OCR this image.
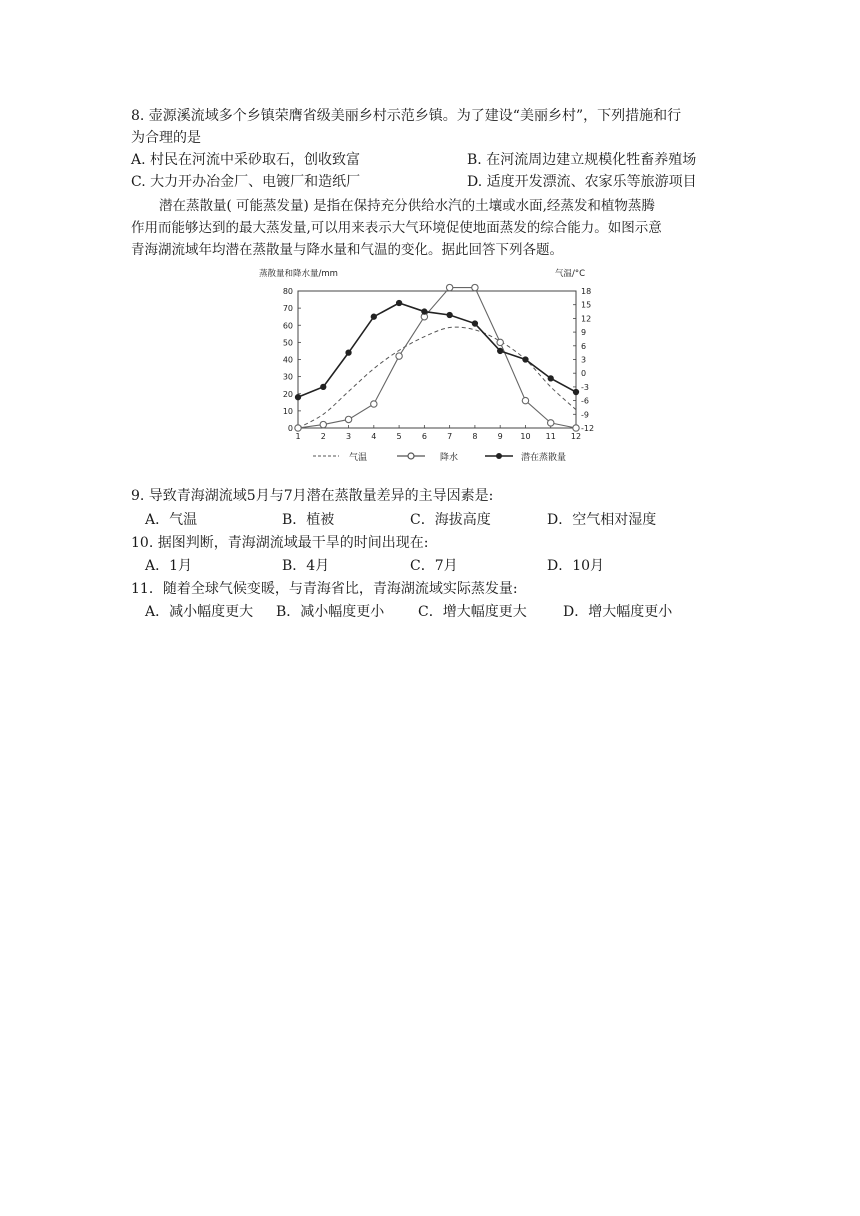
8. 壶源溪流域多个乡镇荣膺省级美丽乡村示范乡镇。为了建设“美丽乡村”，下列措施和行
为合理的是
A. 村民在河流中采砂取石，创收致富	B. 在河流周边建立规模化牲畜养殖场
C. 大力开办冶金厂、电镀厂和造纸厂	D. 适度开发漂流、农家乐等旅游项目
潜在蒸散量( 可能蒸发量) 是指在保持充分供给水汽的土壤或水面,经蒸发和植物蒸腾
作用而能够达到的最大蒸发量,可以用来表示大气环境促使地面蒸发的综合能力。如图示意
青海湖流域年均潜在蒸散量与降水量和气温的变化。据此回答下列各题。
蒸散量和降水量/mm	气温/°C
0
10
20
30
40
50
60
70
80
-12
-9
-6
-3
0
3
6
9
12
15
18
1	2	3	4	5	6	7	8	9 10 11 12
气温	降水	潜在蒸散量
9. 导致青海湖流域5月与7月潜在蒸散量差异的主导因素是:
A．气温	B．植被	C．海拔高度	D．空气相对湿度
10. 据图判断，青海湖流域最干旱的时间出现在:
A．1月	B．4月	C．7月	D．10月
11．随着全球气候变暖，与青海省比，青海湖流域实际蒸发量:
A．减小幅度更大 B．减小幅度更小 C．增大幅度更大	D．增大幅度更小
